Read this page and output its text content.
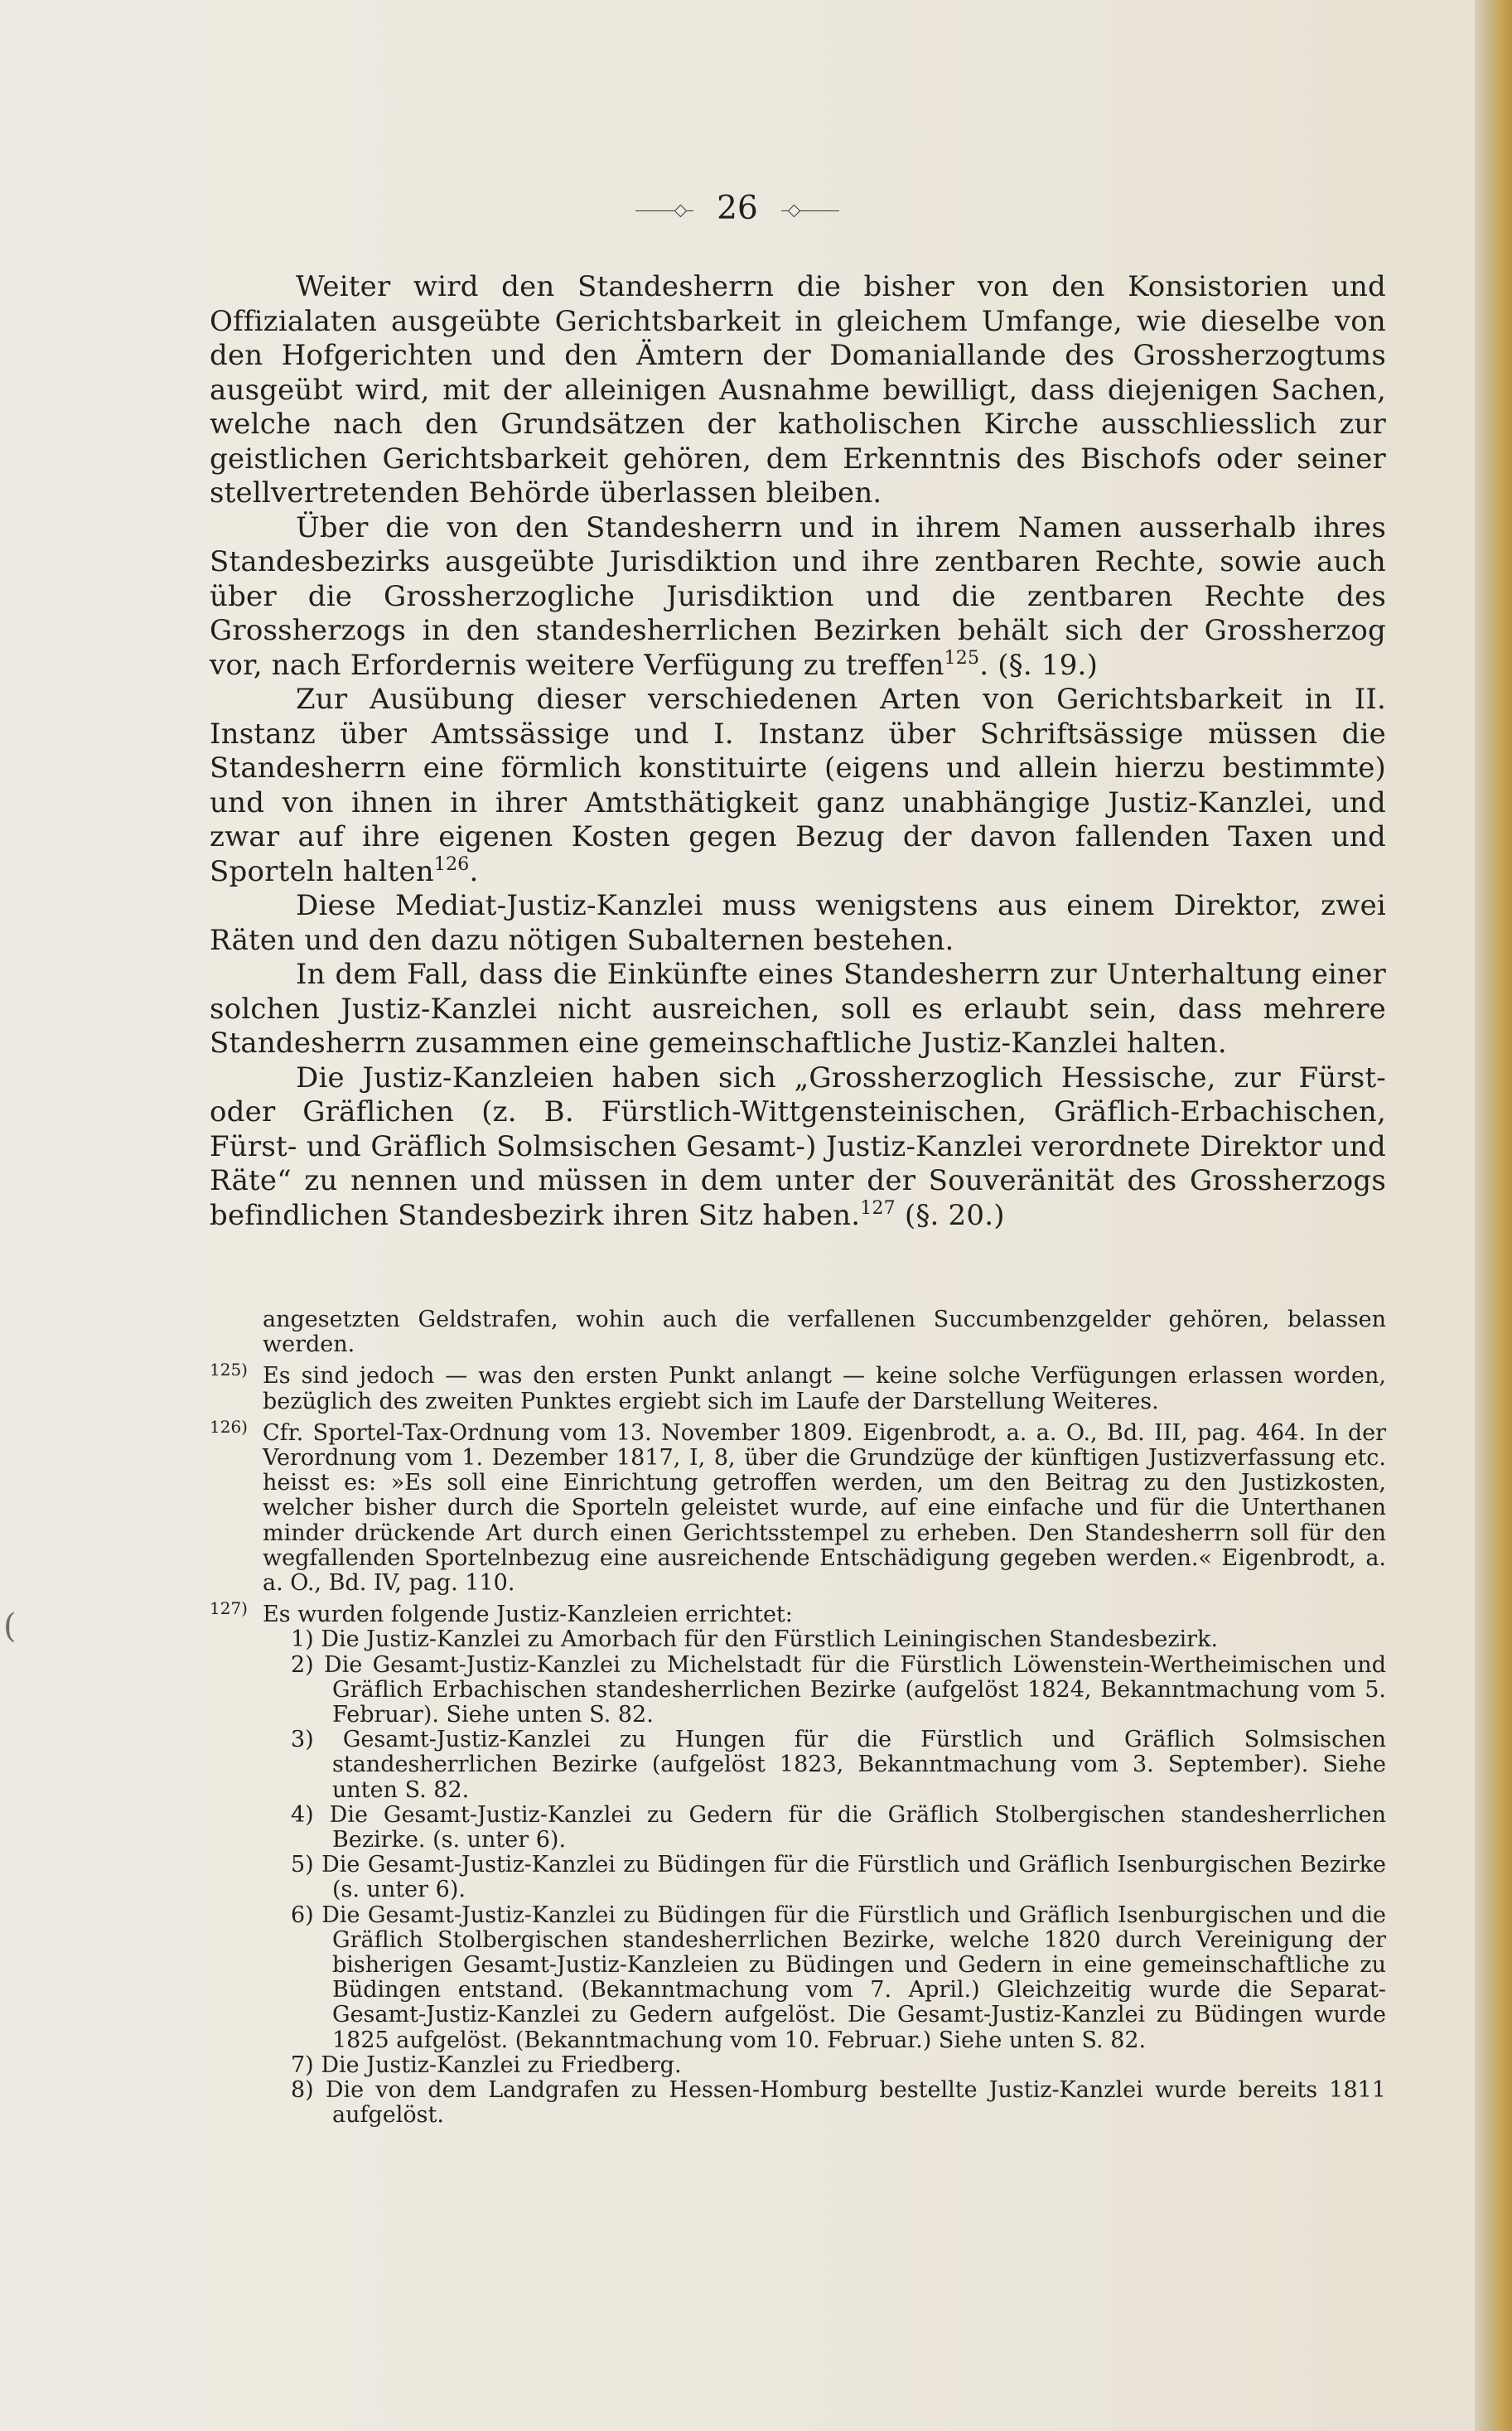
(
26

Weiter wird den Standesherrn die bisher von den Konsistorien und Offizialaten ausgeübte Gerichtsbarkeit in gleichem Umfange, wie dieselbe von den Hofgerichten und den Ämtern der Domaniallande des Grossherzogtums ausgeübt wird, mit der alleinigen Ausnahme bewilligt, dass diejenigen Sachen, welche nach den Grundsätzen der katholischen Kirche ausschliesslich zur geistlichen Gerichtsbarkeit gehören, dem Erkenntnis des Bischofs oder seiner stellvertretenden Behörde überlassen bleiben.

Über die von den Standesherrn und in ihrem Namen ausserhalb ihres Standesbezirks ausgeübte Jurisdiktion und ihre zentbaren Rechte, sowie auch über die Grossherzogliche Jurisdiktion und die zentbaren Rechte des Grossherzogs in den standesherrlichen Bezirken behält sich der Grossherzog vor, nach Erfordernis weitere Verfügung zu treffen$^{125}$. (§. 19.)

Zur Ausübung dieser verschiedenen Arten von Gerichtsbarkeit in II. Instanz über Amtssässige und I. Instanz über Schriftsässige müssen die Standesherrn eine förmlich konstituirte (eigens und allein hierzu bestimmte) und von ihnen in ihrer Amtsthätigkeit ganz unabhängige Justiz-Kanzlei, und zwar auf ihre eigenen Kosten gegen Bezug der davon fallenden Taxen und Sporteln halten$^{126}$.

Diese Mediat-Justiz-Kanzlei muss wenigstens aus einem Direktor, zwei Räten und den dazu nötigen Subalternen bestehen.

In dem Fall, dass die Einkünfte eines Standesherrn zur Unterhaltung einer solchen Justiz-Kanzlei nicht ausreichen, soll es erlaubt sein, dass mehrere Standesherrn zusammen eine gemeinschaftliche Justiz-Kanzlei halten.

Die Justiz-Kanzleien haben sich „Grossherzoglich Hessische, zur Fürst- oder Gräflichen (z. B. Fürstlich-Wittgensteinischen, Gräflich-Erbachischen, Fürst- und Gräflich Solmsischen Gesamt-) Justiz-Kanzlei verordnete Direktor und Räte“ zu nennen und müssen in dem unter der Souveränität des Grossherzogs befindlichen Standesbezirk ihren Sitz haben.$^{127}$ (§. 20.)

angesetzten Geldstrafen, wohin auch die verfallenen Succumbenzgelder gehören, belassen werden.

125) Es sind jedoch — was den ersten Punkt anlangt — keine solche Verfügungen erlassen worden, bezüglich des zweiten Punktes ergiebt sich im Laufe der Darstellung Weiteres.

126) Cfr. Sportel-Tax-Ordnung vom 13. November 1809. Eigenbrodt, a. a. O., Bd. III, pag. 464. In der Verordnung vom 1. Dezember 1817, I, 8, über die Grundzüge der künftigen Justizverfassung etc. heisst es: »Es soll eine Einrichtung getroffen werden, um den Beitrag zu den Justizkosten, welcher bisher durch die Sporteln geleistet wurde, auf eine einfache und für die Unterthanen minder drückende Art durch einen Gerichtsstempel zu erheben. Den Standesherrn soll für den wegfallenden Sportelnbezug eine ausreichende Entschädigung gegeben werden.« Eigenbrodt, a. a. O., Bd. IV, pag. 110.

127) Es wurden folgende Justiz-Kanzleien errichtet:

1) Die Justiz-Kanzlei zu Amorbach für den Fürstlich Leiningischen Standesbezirk.

2) Die Gesamt-Justiz-Kanzlei zu Michelstadt für die Fürstlich Löwenstein-Wertheimischen und Gräflich Erbachischen standesherrlichen Bezirke (aufgelöst 1824, Bekanntmachung vom 5. Februar). Siehe unten S. 82.

3) Gesamt-Justiz-Kanzlei zu Hungen für die Fürstlich und Gräflich Solmsischen standesherrlichen Bezirke (aufgelöst 1823, Bekanntmachung vom 3. September). Siehe unten S. 82.

4) Die Gesamt-Justiz-Kanzlei zu Gedern für die Gräflich Stolbergischen standesherrlichen Bezirke. (s. unter 6).

5) Die Gesamt-Justiz-Kanzlei zu Büdingen für die Fürstlich und Gräflich Isenburgischen Bezirke (s. unter 6).

6) Die Gesamt-Justiz-Kanzlei zu Büdingen für die Fürstlich und Gräflich Isenburgischen und die Gräflich Stolbergischen standesherrlichen Bezirke, welche 1820 durch Vereinigung der bisherigen Gesamt-Justiz-Kanzleien zu Büdingen und Gedern in eine gemeinschaftliche zu Büdingen entstand. (Bekanntmachung vom 7. April.) Gleichzeitig wurde die Separat-Gesamt-Justiz-Kanzlei zu Gedern aufgelöst. Die Gesamt-Justiz-Kanzlei zu Büdingen wurde 1825 aufgelöst. (Bekanntmachung vom 10. Februar.) Siehe unten S. 82.

7) Die Justiz-Kanzlei zu Friedberg.

8) Die von dem Landgrafen zu Hessen-Homburg bestellte Justiz-Kanzlei wurde bereits 1811 aufgelöst.
